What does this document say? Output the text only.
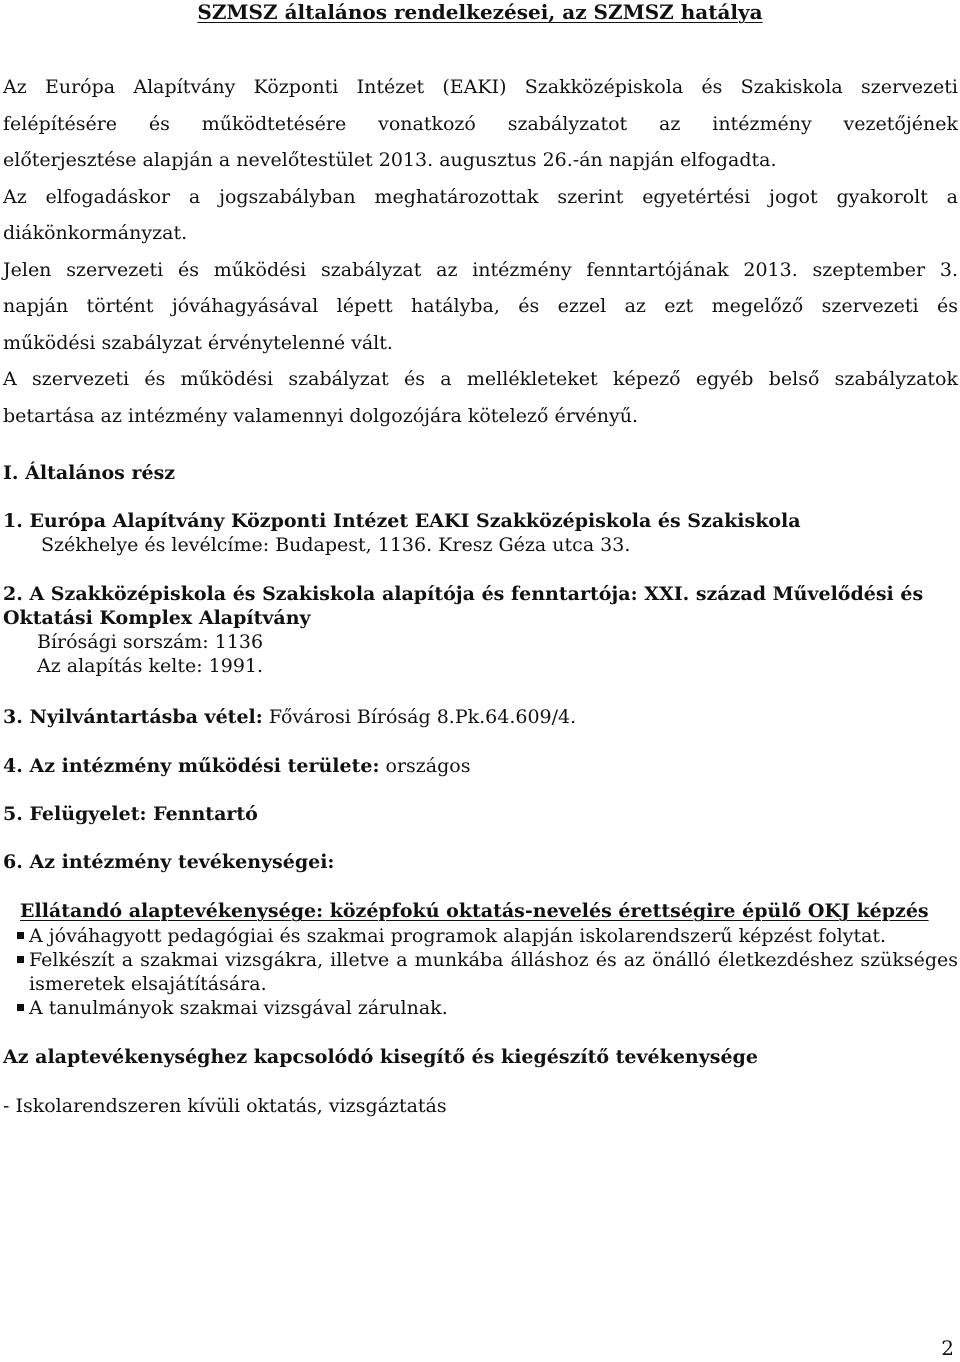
SZMSZ általános rendelkezései, az SZMSZ hatálya

Az Európa Alapítvány Központi Intézet (EAKI) Szakközépiskola és Szakiskola szervezeti

felépítésére és működtetésére vonatkozó szabályzatot az intézmény vezetőjének

előterjesztése alapján a nevelőtestület 2013. augusztus 26.-án napján elfogadta.

Az elfogadáskor a jogszabályban meghatározottak szerint egyetértési jogot gyakorolt a

diákönkormányzat.

Jelen szervezeti és működési szabályzat az intézmény fenntartójának 2013. szeptember 3.

napján történt jóváhagyásával lépett hatályba, és ezzel az ezt megelőző szervezeti és

működési szabályzat érvénytelenné vált.

A szervezeti és működési szabályzat és a mellékleteket képező egyéb belső szabályzatok

betartása az intézmény valamennyi dolgozójára kötelező érvényű.

I. Általános rész

1. Európa Alapítvány Központi Intézet EAKI Szakközépiskola és Szakiskola

Székhelye és levélcíme: Budapest, 1136. Kresz Géza utca 33.

2. A Szakközépiskola és Szakiskola alapítója és fenntartója: XXI. század Művelődési és

Oktatási Komplex Alapítvány

Bírósági sorszám: 1136

Az alapítás kelte: 1991.

3. Nyilvántartásba vétel: Fővárosi Bíróság 8.Pk.64.609/4.
4. Az intézmény működési területe: országos
5. Felügyelet: Fenntartó
6. Az intézmény tevékenységei:

Ellátandó alaptevékenysége: középfokú oktatás-nevelés érettségire épülő OKJ képzés

A jóváhagyott pedagógiai és szakmai programok alapján iskolarendszerű képzést folytat.
Felkészít a szakmai vizsgákra, illetve a munkába álláshoz és az önálló életkezdéshez szükséges ismeretek elsajátítására.
A tanulmányok szakmai vizsgával zárulnak.
Az alaptevékenységhez kapcsolódó kisegítő és kiegészítő tevékenysége
- Iskolarendszeren kívüli oktatás, vizsgáztatás
2
